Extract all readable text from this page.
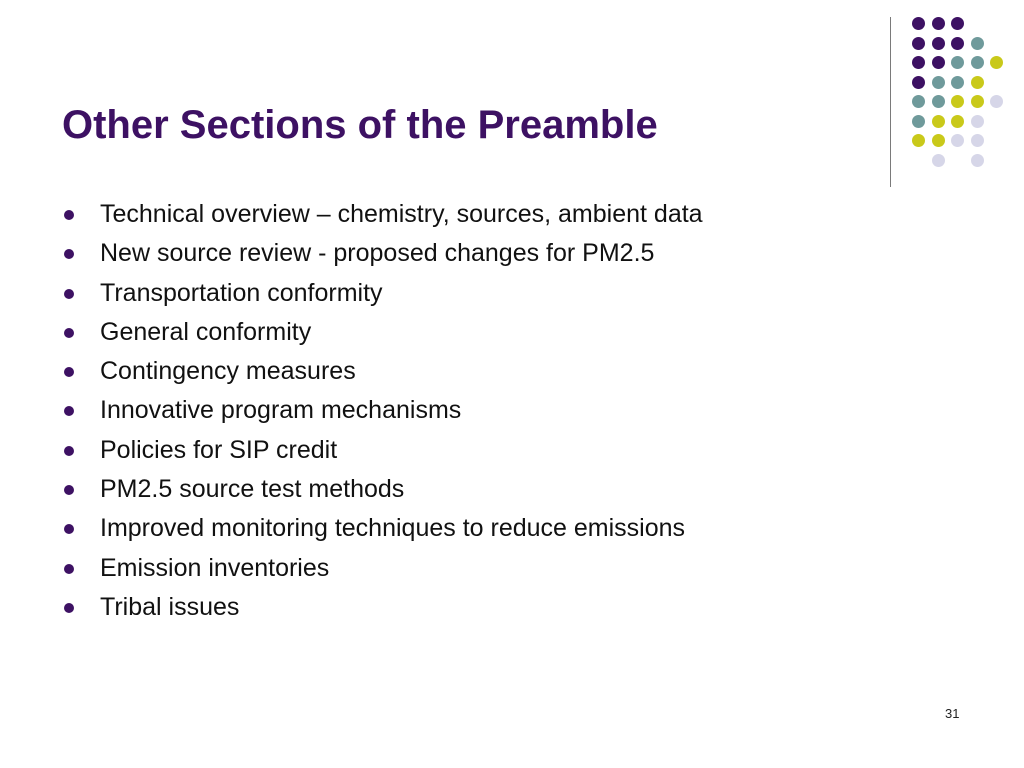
Other Sections of the Preamble
Technical overview – chemistry, sources, ambient data
New source review - proposed changes for PM2.5
Transportation conformity
General conformity
Contingency measures
Innovative program mechanisms
Policies for SIP credit
PM2.5 source test methods
Improved monitoring techniques to reduce emissions
Emission inventories
Tribal issues
31
